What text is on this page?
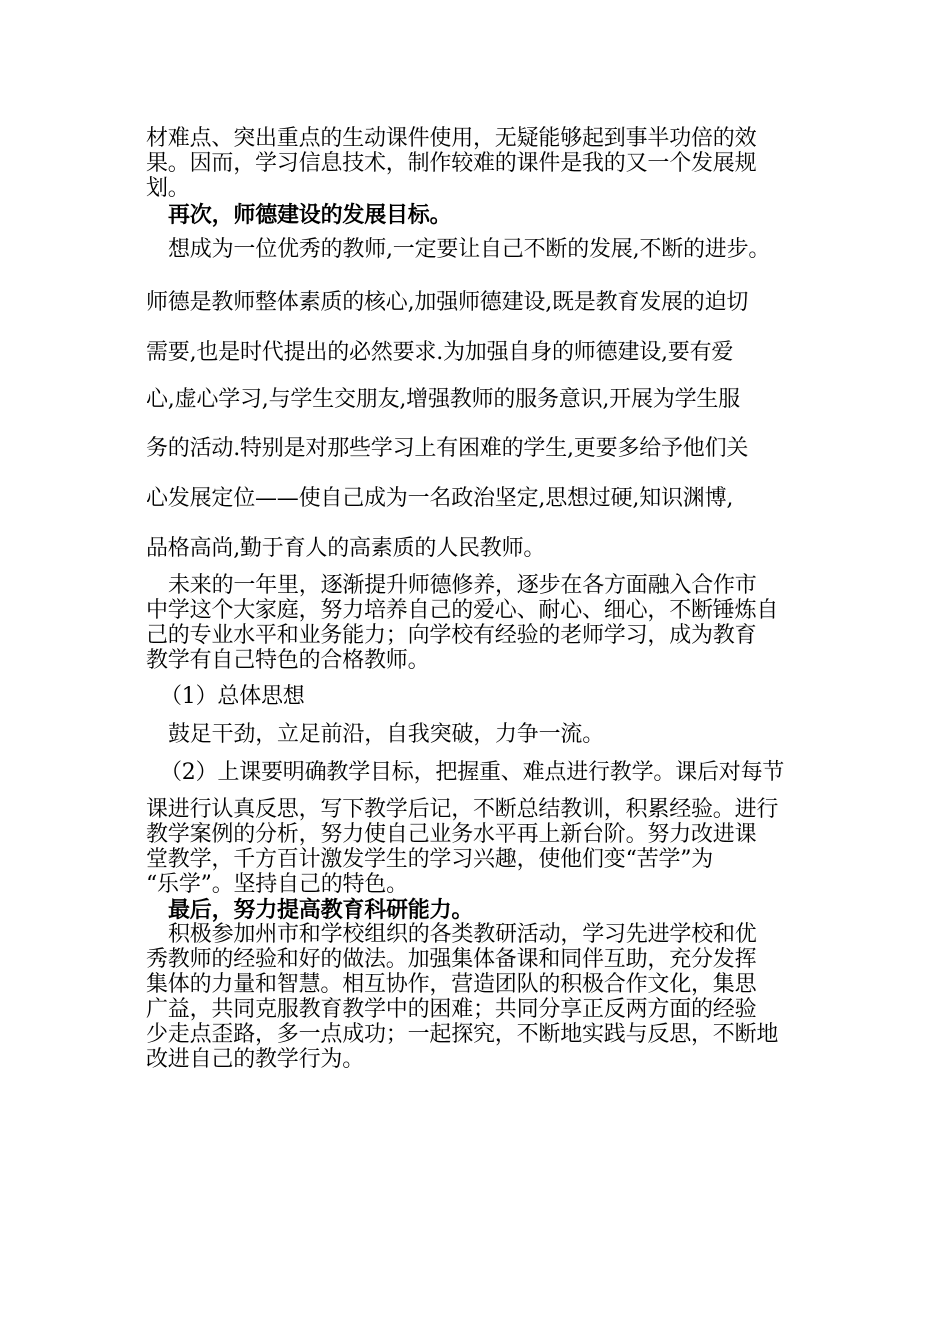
材难点、突出重点的生动课件使用，无疑能够起到事半功倍的效
果。因而，学习信息技术，制作较难的课件是我的又一个发展规
划。
再次，师德建设的发展目标。
想成为一位优秀的教师,一定要让自己不断的发展,不断的进步。
师德是教师整体素质的核心,加强师德建设,既是教育发展的迫切
需要,也是时代提出的必然要求.为加强自身的师德建设,要有爱
心,虚心学习,与学生交朋友,增强教师的服务意识,开展为学生服
务的活动.特别是对那些学习上有困难的学生,更要多给予他们关
心发展定位——使自己成为一名政治坚定,思想过硬,知识渊博,
品格高尚,勤于育人的高素质的人民教师。
未来的一年里，逐渐提升师德修养，逐步在各方面融入合作市
中学这个大家庭，努力培养自己的爱心、耐心、细心，不断锤炼自
己的专业水平和业务能力；向学校有经验的老师学习，成为教育
教学有自己特色的合格教师。
（1）总体思想
鼓足干劲，立足前沿，自我突破，力争一流。
（2）上课要明确教学目标，把握重、难点进行教学。课后对每节
课进行认真反思，写下教学后记，不断总结教训，积累经验。进行
教学案例的分析，努力使自己业务水平再上新台阶。努力改进课
堂教学，千方百计激发学生的学习兴趣，使他们变“苦学”为
“乐学”。坚持自己的特色。
最后，努力提高教育科研能力。
积极参加州市和学校组织的各类教研活动，学习先进学校和优
秀教师的经验和好的做法。加强集体备课和同伴互助，充分发挥
集体的力量和智慧。相互协作，营造团队的积极合作文化，集思
广益，共同克服教育教学中的困难；共同分享正反两方面的经验
少走点歪路，多一点成功；一起探究，不断地实践与反思，不断地
改进自己的教学行为。
